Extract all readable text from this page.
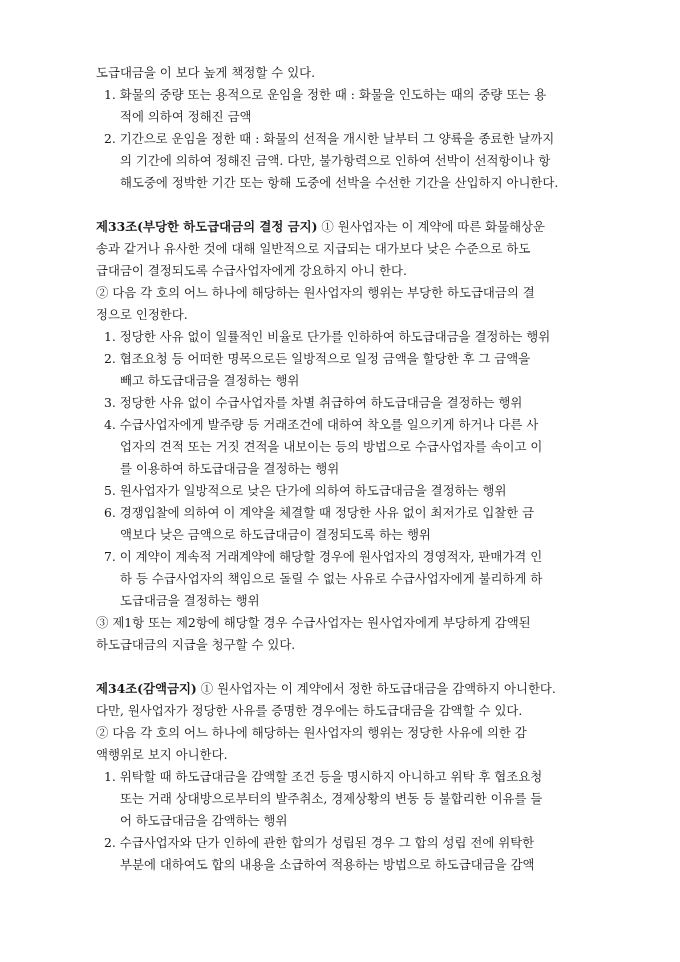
도급대금을 이 보다 높게 책정할 수 있다.
1. 화물의 중량 또는 용적으로 운임을 정한 때 : 화물을 인도하는 때의 중량 또는 용
적에 의하여 정해진 금액
2. 기간으로 운임을 정한 때 : 화물의 선적을 개시한 날부터 그 양륙을 종료한 날까지
의 기간에 의하여 정해진 금액. 다만, 불가항력으로 인하여 선박이 선적항이나 항
해도중에 정박한 기간 또는 항해 도중에 선박을 수선한 기간을 산입하지 아니한다.
제33조(부당한 하도급대금의 결정 금지) ① 원사업자는 이 계약에 따른 화물해상운
송과 같거나 유사한 것에 대해 일반적으로 지급되는 대가보다 낮은 수준으로 하도
급대금이 결정되도록 수급사업자에게 강요하지 아니 한다.
② 다음 각 호의 어느 하나에 해당하는 원사업자의 행위는 부당한 하도급대금의 결
정으로 인정한다.
1. 정당한 사유 없이 일률적인 비율로 단가를 인하하여 하도급대금을 결정하는 행위
2. 협조요청 등 어떠한 명목으로든 일방적으로 일정 금액을 할당한 후 그 금액을
빼고 하도급대금을 결정하는 행위
3. 정당한 사유 없이 수급사업자를 차별 취급하여 하도급대금을 결정하는 행위
4. 수급사업자에게 발주량 등 거래조건에 대하여 착오를 일으키게 하거나 다른 사
업자의 견적 또는 거짓 견적을 내보이는 등의 방법으로 수급사업자를 속이고 이
를 이용하여 하도급대금을 결정하는 행위
5. 원사업자가 일방적으로 낮은 단가에 의하여 하도급대금을 결정하는 행위
6. 경쟁입찰에 의하여 이 계약을 체결할 때 정당한 사유 없이 최저가로 입찰한 금
액보다 낮은 금액으로 하도급대금이 결정되도록 하는 행위
7. 이 계약이 계속적 거래계약에 해당할 경우에 원사업자의 경영적자, 판매가격 인
하 등 수급사업자의 책임으로 돌릴 수 없는 사유로 수급사업자에게 불리하게 하
도급대금을 결정하는 행위
③ 제1항 또는 제2항에 해당할 경우 수급사업자는 원사업자에게 부당하게 감액된
하도급대금의 지급을 청구할 수 있다.
제34조(감액금지) ① 원사업자는 이 계약에서 정한 하도급대금을 감액하지 아니한다.
다만, 원사업자가 정당한 사유를 증명한 경우에는 하도급대금을 감액할 수 있다.
② 다음 각 호의 어느 하나에 해당하는 원사업자의 행위는 정당한 사유에 의한 감
액행위로 보지 아니한다.
1. 위탁할 때 하도급대금을 감액할 조건 등을 명시하지 아니하고 위탁 후 협조요청
또는 거래 상대방으로부터의 발주취소, 경제상황의 변동 등 불합리한 이유를 들
어 하도급대금을 감액하는 행위
2. 수급사업자와 단가 인하에 관한 합의가 성립된 경우 그 합의 성립 전에 위탁한
부분에 대하여도 합의 내용을 소급하여 적용하는 방법으로 하도급대금을 감액
